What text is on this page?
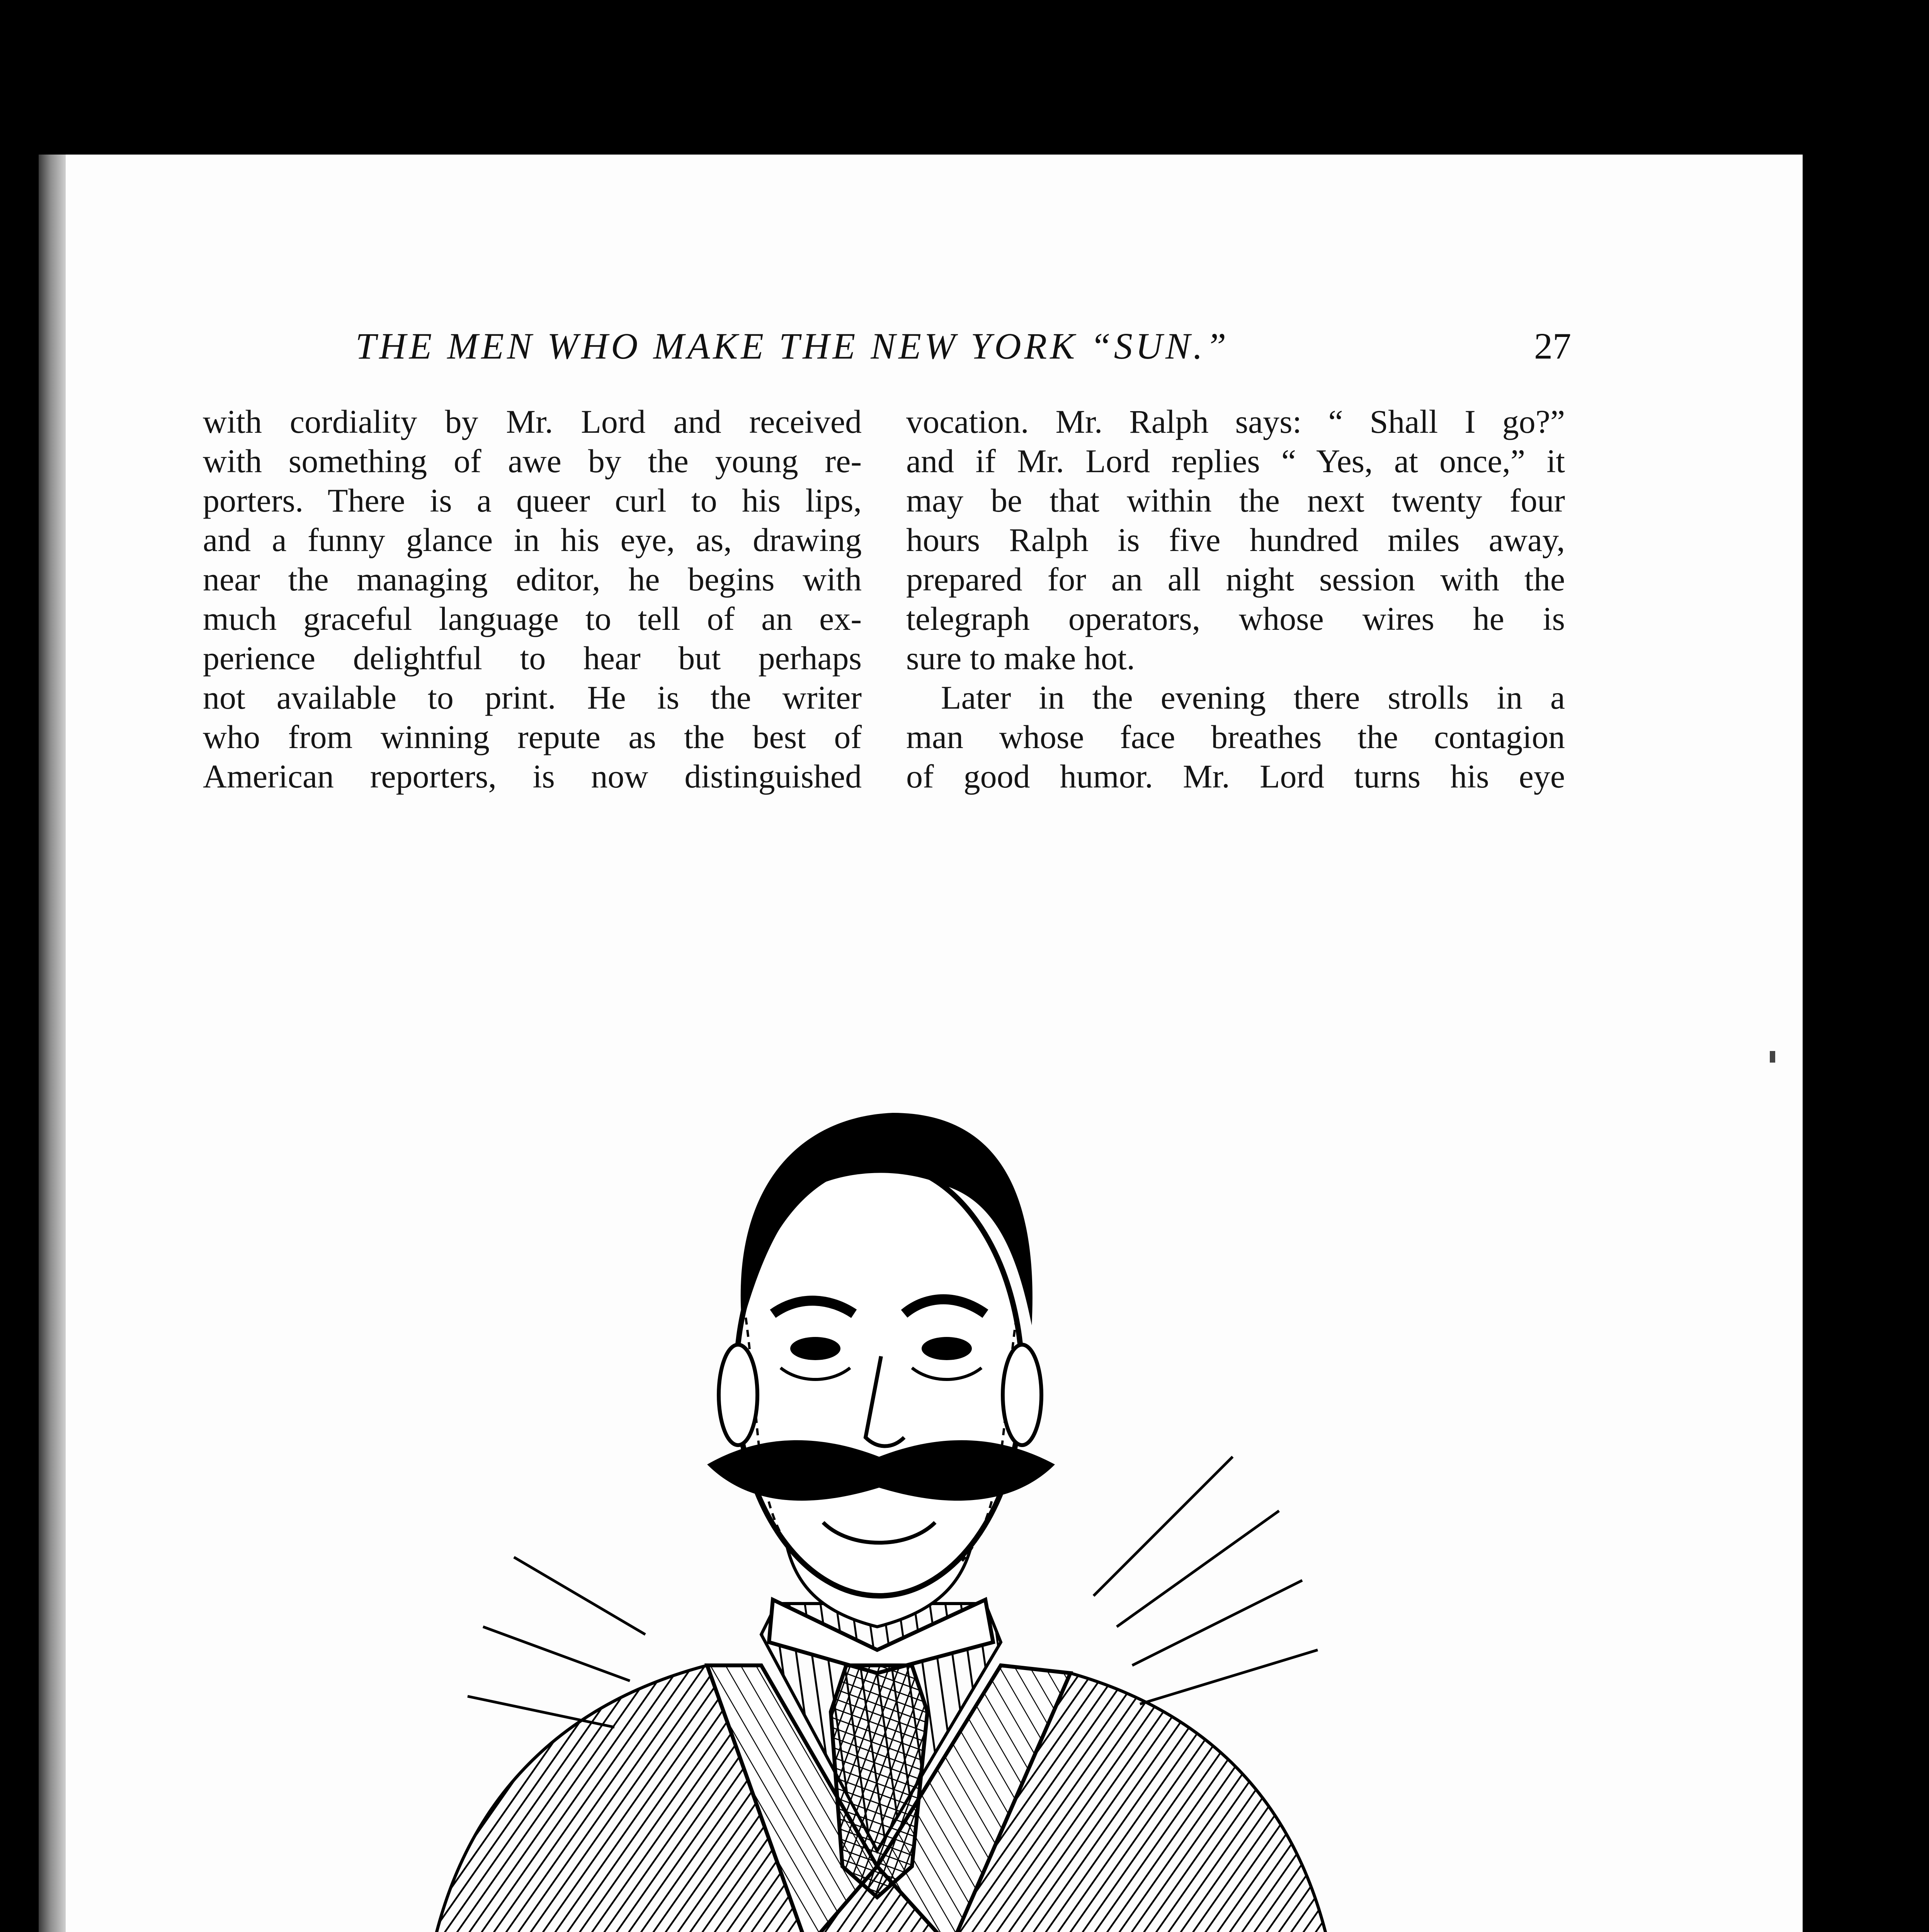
THE MEN WHO MAKE THE NEW YORK “SUN.”	27
with cordiality by Mr. Lord and received
with something of awe by the young re-
porters. There is a queer curl to his lips,
and a funny glance in his eye, as, drawing
near the managing editor, he begins with
much graceful language to tell of an ex-
perience delightful to hear but perhaps
not available to print. He is the writer
who from winning repute as the best of
American reporters, is now distinguished
vocation. Mr. Ralph says: “ Shall I go?”
and if Mr. Lord replies “ Yes, at once,” it
may be that within the next twenty four
hours Ralph is five hundred miles away,
prepared for an all night session with the
telegraph operators, whose wires he is
sure to make hot.
Later in the evening there strolls in a
man whose face breathes the contagion
of good humor. Mr. Lord turns his eye
